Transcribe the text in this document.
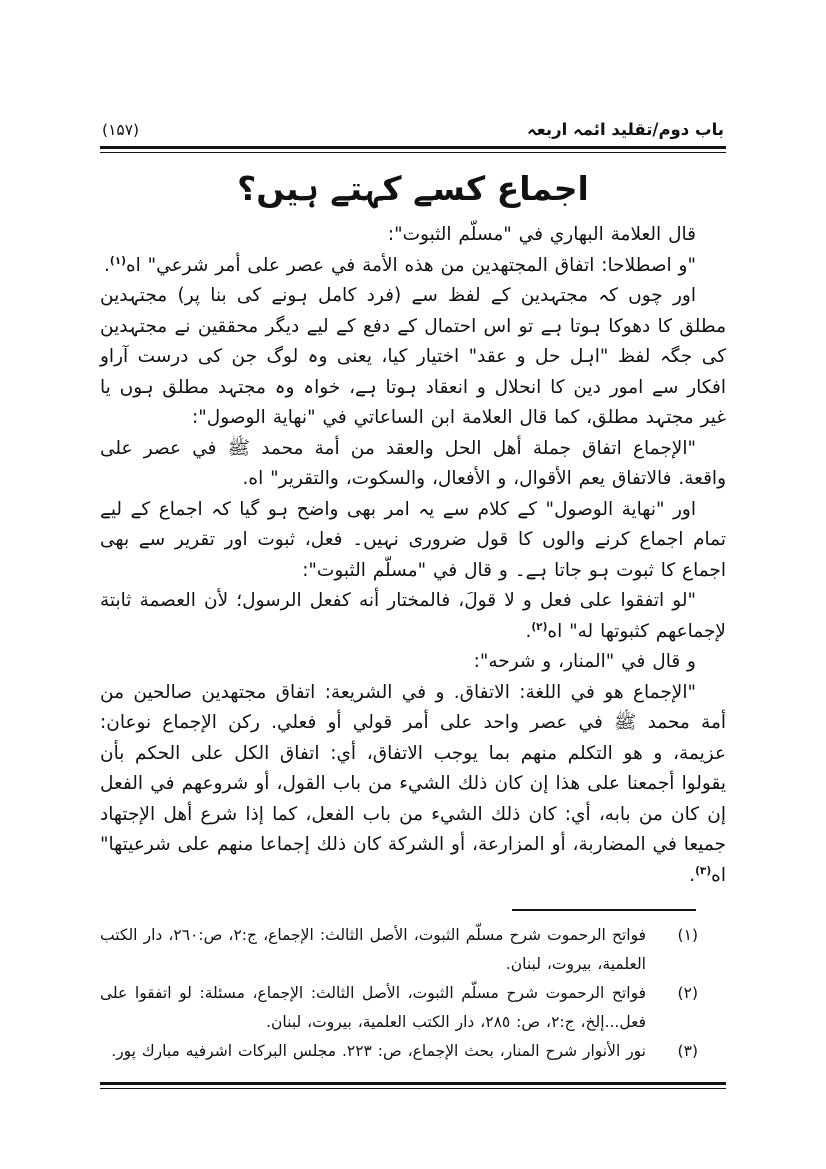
باب دوم/تقلید ائمہ اربعہ
(۱۵۷)
اجماع کسے کہتے ہیں؟

قال العلامة البهاري في "مسلّم الثبوت":

"و اصطلاحا: اتفاق المجتهدين من هذه الأمة في عصر على أمر شرعي" اه$^{(١)}$.

اور چوں کہ مجتہدین کے لفظ سے (فرد کامل ہونے کی بنا پر) مجتہدین مطلق کا دھوکا ہوتا ہے تو اس احتمال کے دفع کے لیے دیگر محققین نے مجتہدین کی جگہ لفظ "اہل حل و عقد" اختیار کیا، یعنی وہ لوگ جن کی درست آراو افکار سے امور دین کا انحلال و انعقاد ہوتا ہے، خواہ وہ مجتہد مطلق ہوں یا غیر مجتہد مطلق، كما قال العلامة ابن الساعاتي في "نهاية الوصول":

"الإجماع اتفاق جملة أهل الحل والعقد من أمة محمد ﷺ في عصر على واقعة. فالاتفاق يعم الأقوال، و الأفعال، والسكوت، والتقرير" اه.

اور "نهاية الوصول" کے کلام سے یہ امر بھی واضح ہو گیا کہ اجماع کے لیے تمام اجماع کرنے والوں کا قول ضروری نہیں۔ فعل، ثبوت اور تقریر سے بھی اجماع کا ثبوت ہو جاتا ہے۔ و قال في "مسلّم الثبوت":

"لو اتفقوا على فعل و لا قولَ، فالمختار أنه كفعل الرسول؛ لأن العصمة ثابتة لإجماعهم كثبوتها له" اه$^{(٢)}$.

و قال في "المنار، و شرحه":

"الإجماع هو في اللغة: الاتفاق. و في الشريعة: اتفاق مجتهدين صالحين من أمة محمد ﷺ في عصر واحد على أمر قولي أو فعلي. ركن الإجماع نوعان: عزيمة، و هو التكلم منهم بما يوجب الاتفاق، أي: اتفاق الكل على الحكم بأن يقولوا أجمعنا على هذا إن كان ذلك الشيء من باب القول، أو شروعهم في الفعل إن كان من بابه، أي: كان ذلك الشيء من باب الفعل، كما إذا شرع أهل الإجتهاد جميعا في المضاربة، أو المزارعة، أو الشركة كان ذلك إجماعا منهم على شرعيتها" اه$^{(٣)}$.

(١)
فواتح الرحموت شرح مسلّم الثبوت، الأصل الثالث: الإجماع، ج:٢، ص:٢٦٠، دار الكتب العلمية، بيروت، لبنان.

(٢)
فواتح الرحموت شرح مسلّم الثبوت، الأصل الثالث: الإجماع، مسئلة: لو اتفقوا على فعل...إلخ، ج:٢، ص: ٢٨٥، دار الكتب العلمية، بيروت، لبنان.

(٣)
نور الأنوار شرح المنار، بحث الإجماع، ص: ٢٢٣. مجلس البركات اشرفيه مبارك پور.
